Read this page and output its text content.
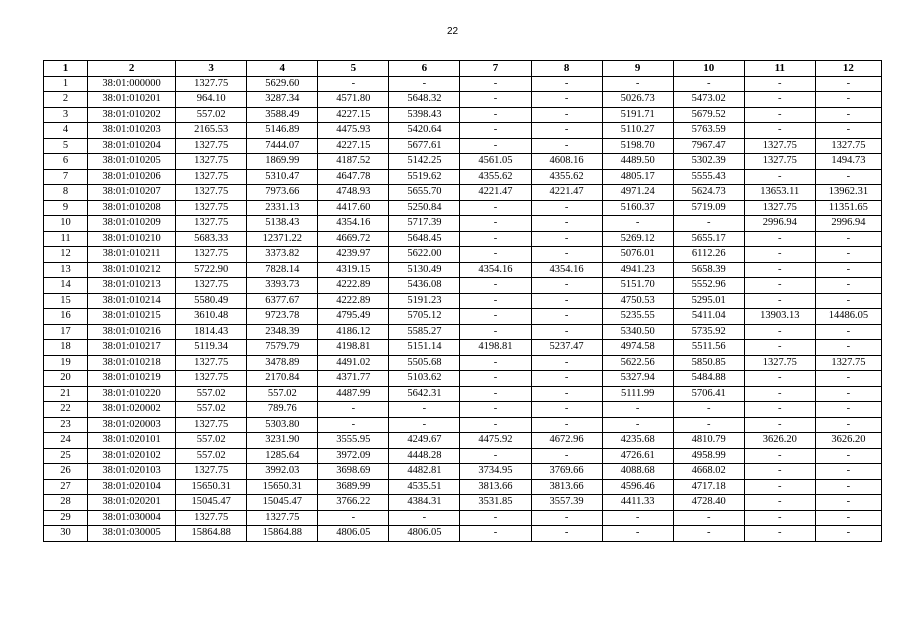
22
1	2	3	4	5	6	7	8	9	10	11	12
1	38:01:000000	1327.75	5629.60	-	-	-	-	-	-	-	-
2	38:01:010201	964.10	3287.34	4571.80	5648.32	-	-	5026.73	5473.02	-	-
3	38:01:010202	557.02	3588.49	4227.15	5398.43	-	-	5191.71	5679.52	-	-
4	38:01:010203	2165.53	5146.89	4475.93	5420.64	-	-	5110.27	5763.59	-	-
5	38:01:010204	1327.75	7444.07	4227.15	5677.61	-	-	5198.70	7967.47	1327.75	1327.75
6	38:01:010205	1327.75	1869.99	4187.52	5142.25	4561.05	4608.16	4489.50	5302.39	1327.75	1494.73
7	38:01:010206	1327.75	5310.47	4647.78	5519.62	4355.62	4355.62	4805.17	5555.43	-	-
8	38:01:010207	1327.75	7973.66	4748.93	5655.70	4221.47	4221.47	4971.24	5624.73	13653.11	13962.31
9	38:01:010208	1327.75	2331.13	4417.60	5250.84	-	-	5160.37	5719.09	1327.75	11351.65
10	38:01:010209	1327.75	5138.43	4354.16	5717.39	-	-	-	-	2996.94	2996.94
11	38:01:010210	5683.33	12371.22	4669.72	5648.45	-	-	5269.12	5655.17	-	-
12	38:01:010211	1327.75	3373.82	4239.97	5622.00	-	-	5076.01	6112.26	-	-
13	38:01:010212	5722.90	7828.14	4319.15	5130.49	4354.16	4354.16	4941.23	5658.39	-	-
14	38:01:010213	1327.75	3393.73	4222.89	5436.08	-	-	5151.70	5552.96	-	-
15	38:01:010214	5580.49	6377.67	4222.89	5191.23	-	-	4750.53	5295.01	-	-
16	38:01:010215	3610.48	9723.78	4795.49	5705.12	-	-	5235.55	5411.04	13903.13	14486.05
17	38:01:010216	1814.43	2348.39	4186.12	5585.27	-	-	5340.50	5735.92	-	-
18	38:01:010217	5119.34	7579.79	4198.81	5151.14	4198.81	5237.47	4974.58	5511.56	-	-
19	38:01:010218	1327.75	3478.89	4491.02	5505.68	-	-	5622.56	5850.85	1327.75	1327.75
20	38:01:010219	1327.75	2170.84	4371.77	5103.62	-	-	5327.94	5484.88	-	-
21	38:01:010220	557.02	557.02	4487.99	5642.31	-	-	5111.99	5706.41	-	-
22	38:01:020002	557.02	789.76	-	-	-	-	-	-	-	-
23	38:01:020003	1327.75	5303.80	-	-	-	-	-	-	-	-
24	38:01:020101	557.02	3231.90	3555.95	4249.67	4475.92	4672.96	4235.68	4810.79	3626.20	3626.20
25	38:01:020102	557.02	1285.64	3972.09	4448.28	-	-	4726.61	4958.99	-	-
26	38:01:020103	1327.75	3992.03	3698.69	4482.81	3734.95	3769.66	4088.68	4668.02	-	-
27	38:01:020104	15650.31	15650.31	3689.99	4535.51	3813.66	3813.66	4596.46	4717.18	-	-
28	38:01:020201	15045.47	15045.47	3766.22	4384.31	3531.85	3557.39	4411.33	4728.40	-	-
29	38:01:030004	1327.75	1327.75	-	-	-	-	-	-	-	-
30	38:01:030005	15864.88	15864.88	4806.05	4806.05	-	-	-	-	-	-
